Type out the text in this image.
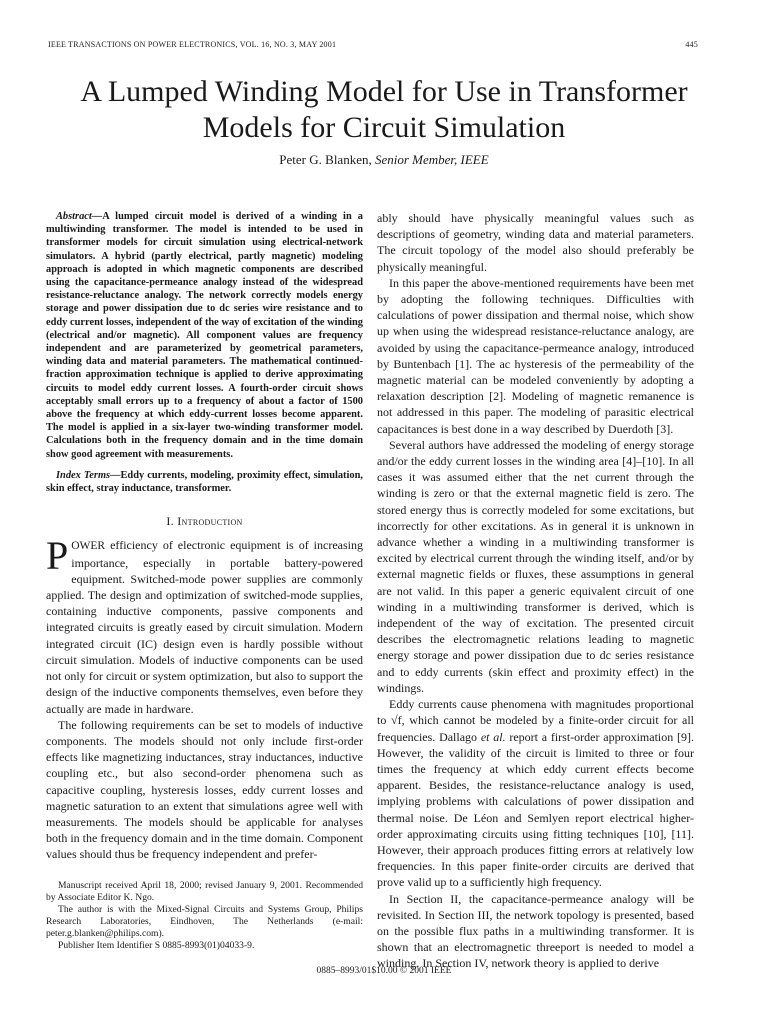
IEEE TRANSACTIONS ON POWER ELECTRONICS, VOL. 16, NO. 3, MAY 2001	445
A Lumped Winding Model for Use in Transformer Models for Circuit Simulation
Peter G. Blanken, Senior Member, IEEE

Abstract—A lumped circuit model is derived of a winding in a multiwinding transformer. The model is intended to be used in transformer models for circuit simulation using electrical-network simulators. A hybrid (partly electrical, partly magnetic) modeling approach is adopted in which magnetic components are described using the capacitance-permeance analogy instead of the widespread resistance-reluctance analogy. The network correctly models energy storage and power dissipation due to dc series wire resistance and to eddy current losses, independent of the way of excitation of the winding (electrical and/or magnetic). All component values are frequency independent and are parameterized by geometrical parameters, winding data and material parameters. The mathematical continued-fraction approximation technique is applied to derive approximating circuits to model eddy current losses. A fourth-order circuit shows acceptably small errors up to a frequency of about a factor of 1500 above the frequency at which eddy-current losses become apparent. The model is applied in a six-layer two-winding transformer model. Calculations both in the frequency domain and in the time domain show good agreement with measurements.

Index Terms—Eddy currents, modeling, proximity effect, simulation, skin effect, stray inductance, transformer.

I. Introduction

POWER efficiency of electronic equipment is of increasing importance, especially in portable battery-powered equipment. Switched-mode power supplies are commonly applied. The design and optimization of switched-mode supplies, containing inductive components, passive components and integrated circuits is greatly eased by circuit simulation. Modern integrated circuit (IC) design even is hardly possible without circuit simulation. Models of inductive components can be used not only for circuit or system optimization, but also to support the design of the inductive components themselves, even before they actually are made in hardware.

The following requirements can be set to models of inductive components. The models should not only include first-order effects like magnetizing inductances, stray inductances, inductive coupling etc., but also second-order phenomena such as capacitive coupling, hysteresis losses, eddy current losses and magnetic saturation to an extent that simulations agree well with measurements. The models should be applicable for analyses both in the frequency domain and in the time domain. Component values should thus be frequency independent and prefer-

Manuscript received April 18, 2000; revised January 9, 2001. Recommended by Associate Editor K. Ngo.

The author is with the Mixed-Signal Circuits and Systems Group, Philips Research Laboratories, Eindhoven, The Netherlands (e-mail: peter.g.blanken@philips.com).

Publisher Item Identifier S 0885-8993(01)04033-9.

ably should have physically meaningful values such as descriptions of geometry, winding data and material parameters. The circuit topology of the model also should preferably be physically meaningful.

In this paper the above-mentioned requirements have been met by adopting the following techniques. Difficulties with calculations of power dissipation and thermal noise, which show up when using the widespread resistance-reluctance analogy, are avoided by using the capacitance-permeance analogy, introduced by Buntenbach [1]. The ac hysteresis of the permeability of the magnetic material can be modeled conveniently by adopting a relaxation description [2]. Modeling of magnetic remanence is not addressed in this paper. The modeling of parasitic electrical capacitances is best done in a way described by Duerdoth [3].

Several authors have addressed the modeling of energy storage and/or the eddy current losses in the winding area [4]–[10]. In all cases it was assumed either that the net current through the winding is zero or that the external magnetic field is zero. The stored energy thus is correctly modeled for some excitations, but incorrectly for other excitations. As in general it is unknown in advance whether a winding in a multiwinding transformer is excited by electrical current through the winding itself, and/or by external magnetic fields or fluxes, these assumptions in general are not valid. In this paper a generic equivalent circuit of one winding in a multiwinding transformer is derived, which is independent of the way of excitation. The presented circuit describes the electromagnetic relations leading to magnetic energy storage and power dissipation due to dc series resistance and to eddy currents (skin effect and proximity effect) in the windings.

Eddy currents cause phenomena with magnitudes proportional to √f, which cannot be modeled by a finite-order circuit for all frequencies. Dallago et al. report a first-order approximation [9]. However, the validity of the circuit is limited to three or four times the frequency at which eddy current effects become apparent. Besides, the resistance-reluctance analogy is used, implying problems with calculations of power dissipation and thermal noise. De Léon and Semlyen report electrical higher-order approximating circuits using fitting techniques [10], [11]. However, their approach produces fitting errors at relatively low frequencies. In this paper finite-order circuits are derived that prove valid up to a sufficiently high frequency.

In Section II, the capacitance-permeance analogy will be revisited. In Section III, the network topology is presented, based on the possible flux paths in a multiwinding transformer. It is shown that an electromagnetic threeport is needed to model a winding. In Section IV, network theory is applied to derive

0885–8993/01$10.00 © 2001 IEEE
